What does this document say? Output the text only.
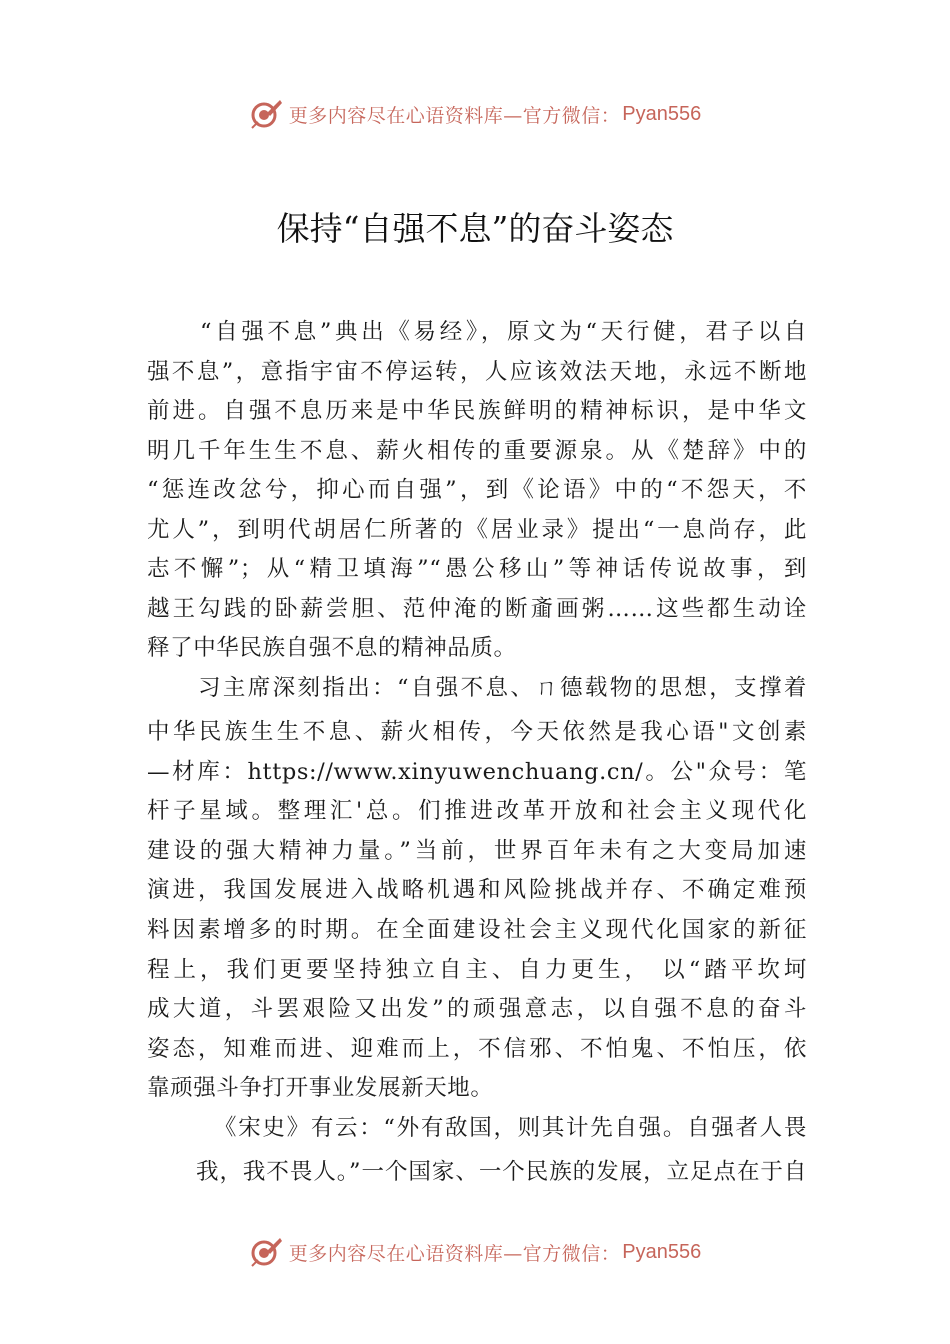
更多内容尽在心语资料库—官方微信： Pyan556
保持“自强不息”的奋斗姿态
“自强不息”典出《易经》，原文为“天行健，君子以自
强不息”，意指宇宙不停运转，人应该效法天地，永远不断地
前进。自强不息历来是中华民族鲜明的精神标识，是中华文
明几千年生生不息、薪火相传的重要源泉。从《楚辞》中的
“惩连改忿兮，抑心而自强”，到《论语》中的“不怨天，不
尤人”，到明代胡居仁所著的《居业录》提出“一息尚存，此
志不懈”；从“精卫填海”“愚公移山”等神话传说故事，到
越王勾践的卧薪尝胆、范仲淹的断齑画粥……这些都生动诠
释了中华民族自强不息的精神品质。
习主席深刻指出：“自强不息、ㄇ德载物的思想，支撑着
中华民族生生不息、薪火相传，今天依然是我心语"文创素
—材库：https://www.xinyuwenchuang.cn/。公"众号：笔
杆子星域。整理汇'总。们推进改革开放和社会主义现代化
建设的强大精神力量。”当前，世界百年未有之大变局加速
演进，我国发展进入战略机遇和风险挑战并存、不确定难预
料因素增多的时期。在全面建设社会主义现代化国家的新征
程上，我们更要坚持独立自主、自力更生， 以“踏平坎坷
成大道，斗罢艰险又出发”的顽强意志，以自强不息的奋斗
姿态，知难而进、迎难而上，不信邪、不怕鬼、不怕压，依
靠顽强斗争打开事业发展新天地。
《宋史》有云：“外有敌国，则其计先自强。自强者人畏
我，我不畏人。”一个国家、一个民族的发展，立足点在于自
更多内容尽在心语资料库—官方微信： Pyan556
